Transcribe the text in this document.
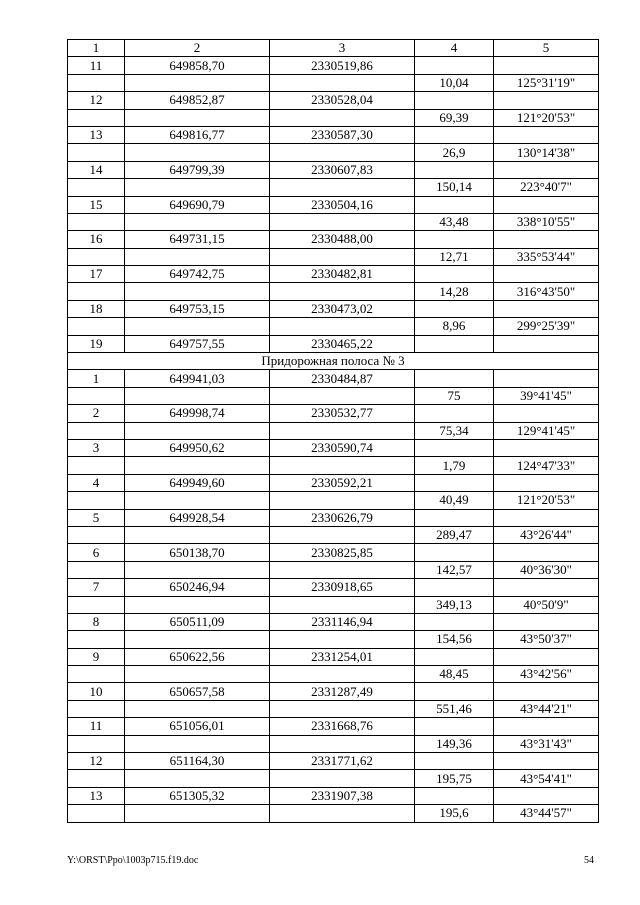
1	2	3	4	5
11	649858,70	2330519,86		
			10,04	125°31'19"
12	649852,87	2330528,04		
			69,39	121°20'53"
13	649816,77	2330587,30		
			26,9	130°14'38"
14	649799,39	2330607,83		
			150,14	223°40'7"
15	649690,79	2330504,16		
			43,48	338°10'55"
16	649731,15	2330488,00		
			12,71	335°53'44"
17	649742,75	2330482,81		
			14,28	316°43'50"
18	649753,15	2330473,02		
			8,96	299°25'39"
19	649757,55	2330465,22		
Придорожная полоса № 3				
1	649941,03	2330484,87		
			75	39°41'45"
2	649998,74	2330532,77		
			75,34	129°41'45"
3	649950,62	2330590,74		
			1,79	124°47'33"
4	649949,60	2330592,21		
			40,49	121°20'53"
5	649928,54	2330626,79		
			289,47	43°26'44"
6	650138,70	2330825,85		
			142,57	40°36'30"
7	650246,94	2330918,65		
			349,13	40°50'9"
8	650511,09	2331146,94		
			154,56	43°50'37"
9	650622,56	2331254,01		
			48,45	43°42'56"
10	650657,58	2331287,49		
			551,46	43°44'21"
11	651056,01	2331668,76		
			149,36	43°31'43"
12	651164,30	2331771,62		
			195,75	43°54'41"
13	651305,32	2331907,38		
			195,6	43°44'57"
Y:\ORST\Ppo\1003p715.f19.doc	54
